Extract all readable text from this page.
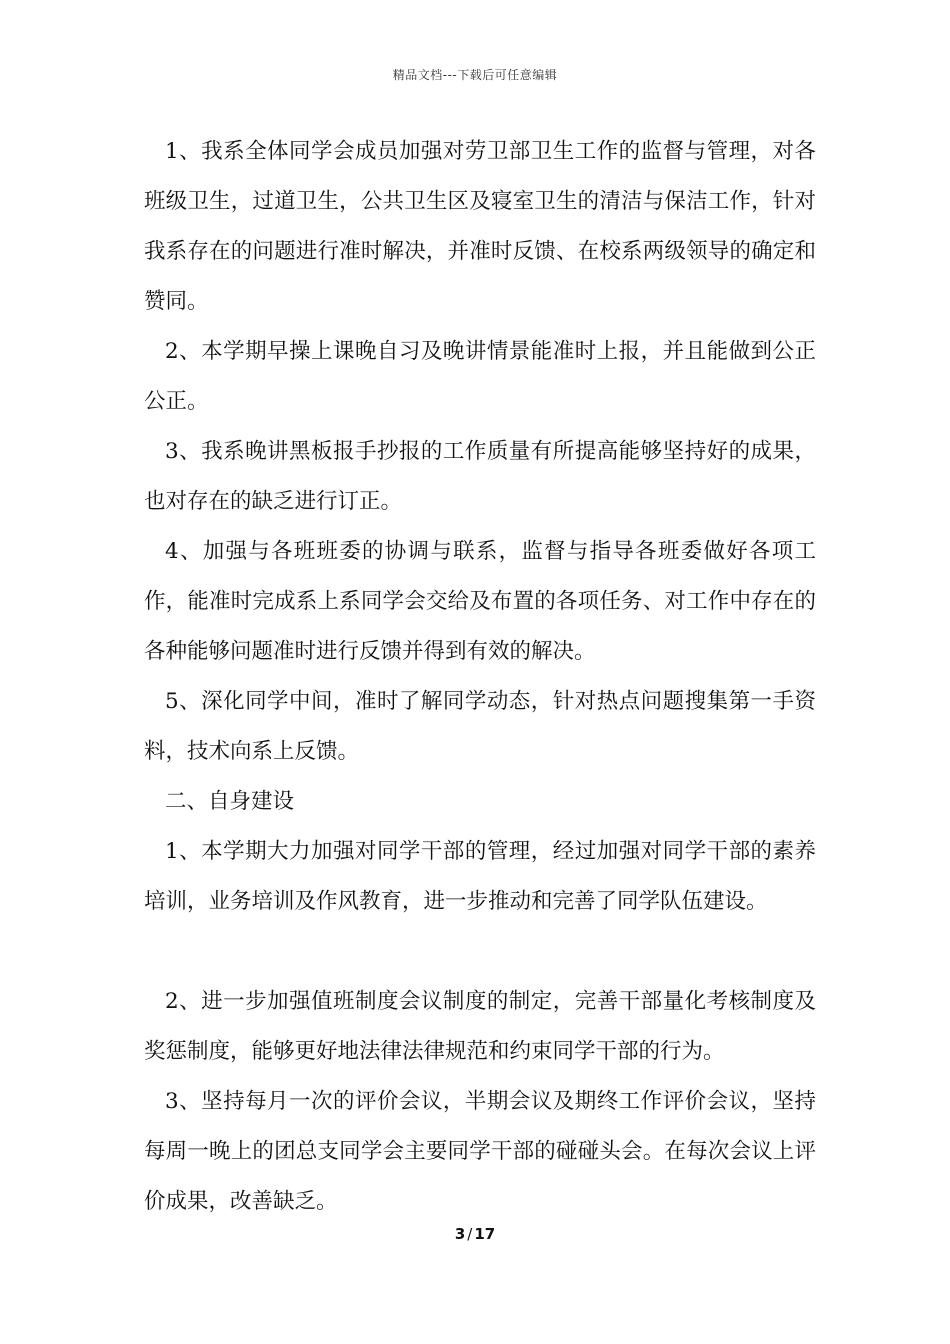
精品文档---下载后可任意编辑

1、我系全体同学会成员加强对劳卫部卫生工作的监督与管理，对各班级卫生，过道卫生，公共卫生区及寝室卫生的清洁与保洁工作，针对我系存在的问题进行准时解决，并准时反馈、在校系两级领导的确定和赞同。

2、本学期早操上课晚自习及晚讲情景能准时上报，并且能做到公正公正。

3、我系晚讲黑板报手抄报的工作质量有所提高能够坚持好的成果，也对存在的缺乏进行订正。

4、加强与各班班委的协调与联系，监督与指导各班委做好各项工作，能准时完成系上系同学会交给及布置的各项任务、对工作中存在的各种能够问题准时进行反馈并得到有效的解决。

5、深化同学中间，准时了解同学动态，针对热点问题搜集第一手资料，技术向系上反馈。

二、自身建设

1、本学期大力加强对同学干部的管理，经过加强对同学干部的素养培训，业务培训及作风教育，进一步推动和完善了同学队伍建设。

2、进一步加强值班制度会议制度的制定，完善干部量化考核制度及奖惩制度，能够更好地法律法律规范和约束同学干部的行为。

3、坚持每月一次的评价会议，半期会议及期终工作评价会议，坚持每周一晚上的团总支同学会主要同学干部的碰碰头会。在每次会议上评价成果，改善缺乏。

3 / 17
